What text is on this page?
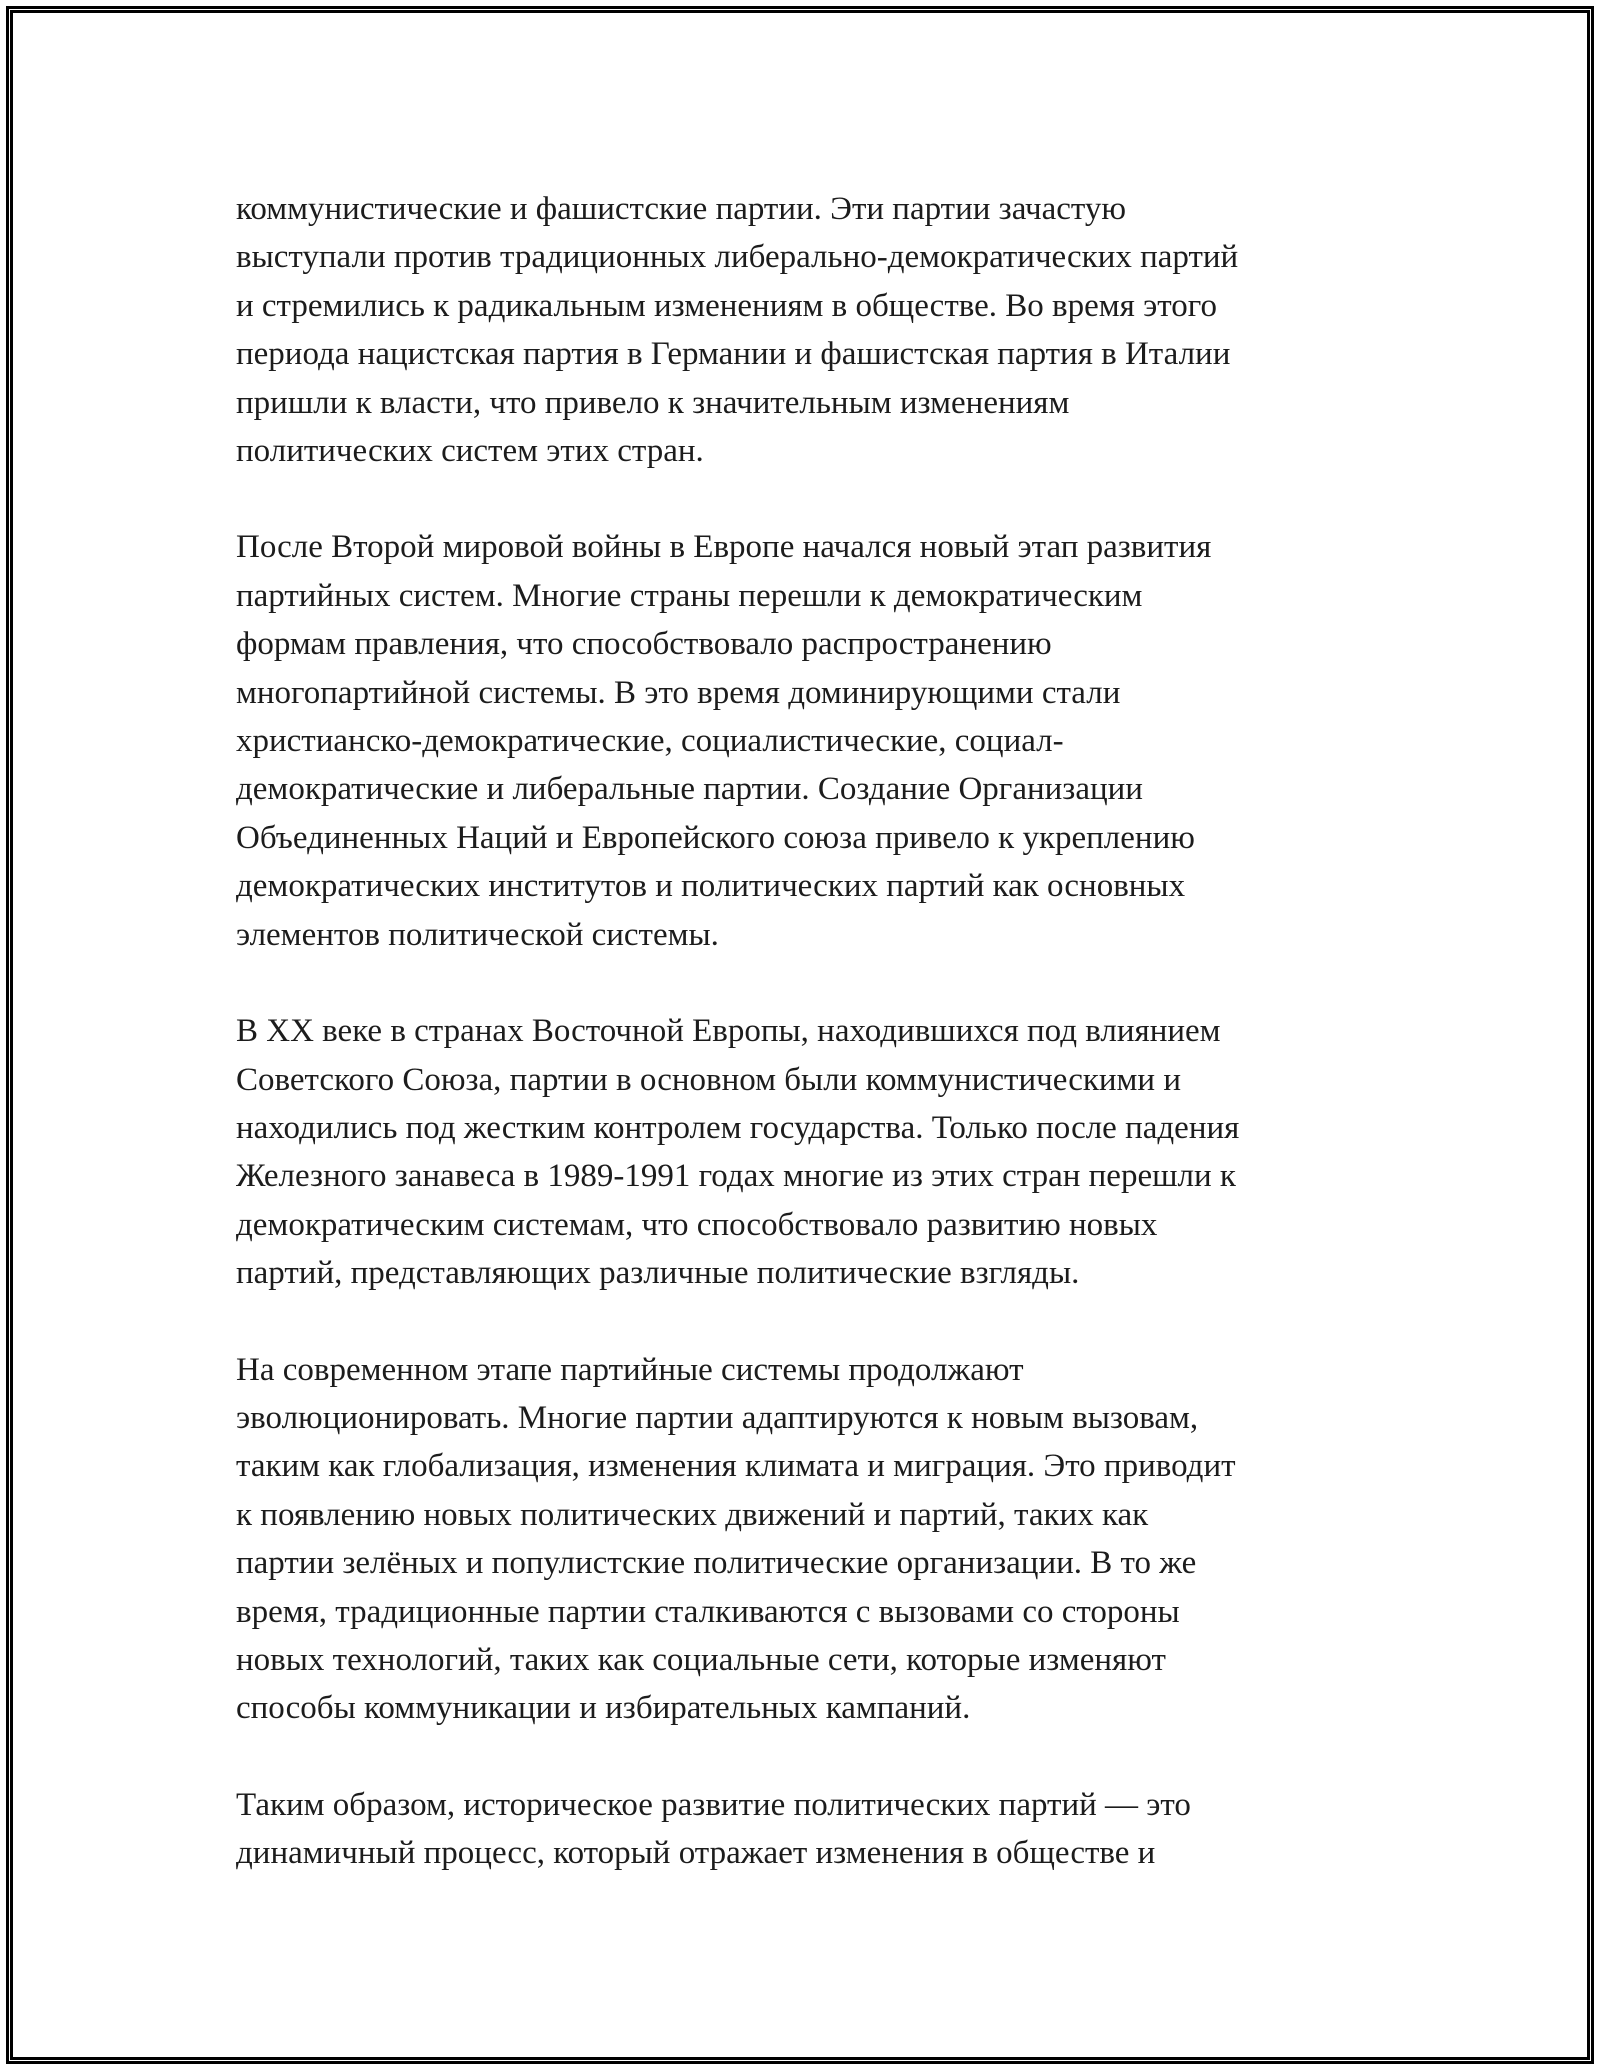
коммунистические и фашистские партии. Эти партии зачастую
выступали против традиционных либерально-демократических партий
и стремились к радикальным изменениям в обществе. Во время этого
периода нацистская партия в Германии и фашистская партия в Италии
пришли к власти, что привело к значительным изменениям
политических систем этих стран.

После Второй мировой войны в Европе начался новый этап развития
партийных систем. Многие страны перешли к демократическим
формам правления, что способствовало распространению
многопартийной системы. В это время доминирующими стали
христианско-демократические, социалистические, социал-
демократические и либеральные партии. Создание Организации
Объединенных Наций и Европейского союза привело к укреплению
демократических институтов и политических партий как основных
элементов политической системы.

В XX веке в странах Восточной Европы, находившихся под влиянием
Советского Союза, партии в основном были коммунистическими и
находились под жестким контролем государства. Только после падения
Железного занавеса в 1989-1991 годах многие из этих стран перешли к
демократическим системам, что способствовало развитию новых
партий, представляющих различные политические взгляды.

На современном этапе партийные системы продолжают
эволюционировать. Многие партии адаптируются к новым вызовам,
таким как глобализация, изменения климата и миграция. Это приводит
к появлению новых политических движений и партий, таких как
партии зелёных и популистские политические организации. В то же
время, традиционные партии сталкиваются с вызовами со стороны
новых технологий, таких как социальные сети, которые изменяют
способы коммуникации и избирательных кампаний.

Таким образом, историческое развитие политических партий — это
динамичный процесс, который отражает изменения в обществе и
